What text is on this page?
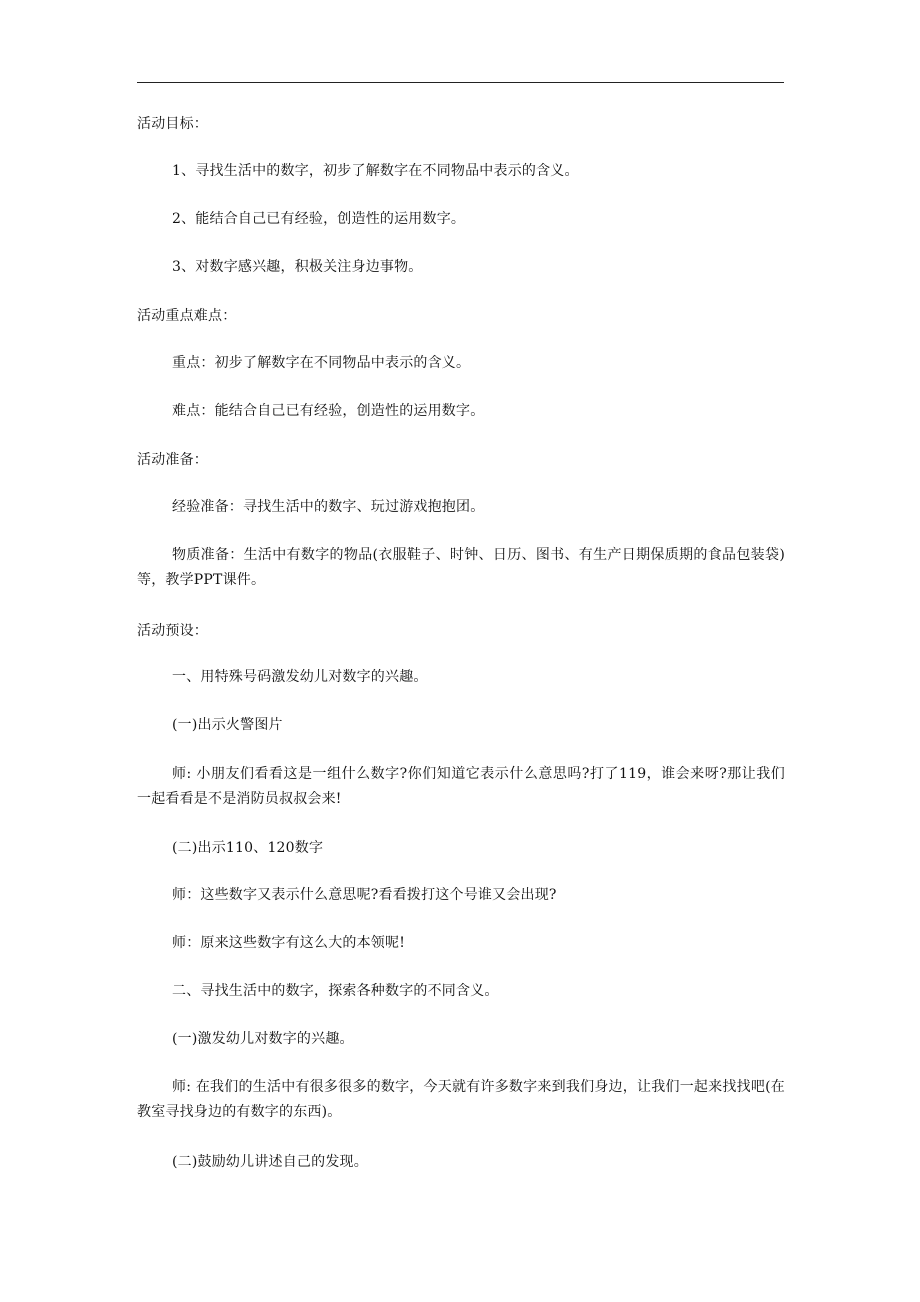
活动目标：
1、寻找生活中的数字，初步了解数字在不同物品中表示的含义。
2、能结合自己已有经验，创造性的运用数字。
3、对数字感兴趣，积极关注身边事物。
活动重点难点：
重点：初步了解数字在不同物品中表示的含义。
难点：能结合自己已有经验，创造性的运用数字。
活动准备：
经验准备：寻找生活中的数字、玩过游戏抱抱团。
物质准备：生活中有数字的物品(衣服鞋子、时钟、日历、图书、有生产日期保质期的食品包装袋)等，教学PPT课件。
活动预设：
一、用特殊号码激发幼儿对数字的兴趣。
(一)出示火警图片
师: 小朋友们看看这是一组什么数字?你们知道它表示什么意思吗?打了119，谁会来呀?那让我们一起看看是不是消防员叔叔会来!
(二)出示110、120数字
师：这些数字又表示什么意思呢?看看拨打这个号谁又会出现?
师：原来这些数字有这么大的本领呢!
二、寻找生活中的数字，探索各种数字的不同含义。
(一)激发幼儿对数字的兴趣。
师: 在我们的生活中有很多很多的数字，今天就有许多数字来到我们身边，让我们一起来找找吧(在教室寻找身边的有数字的东西)。
(二)鼓励幼儿讲述自己的发现。
